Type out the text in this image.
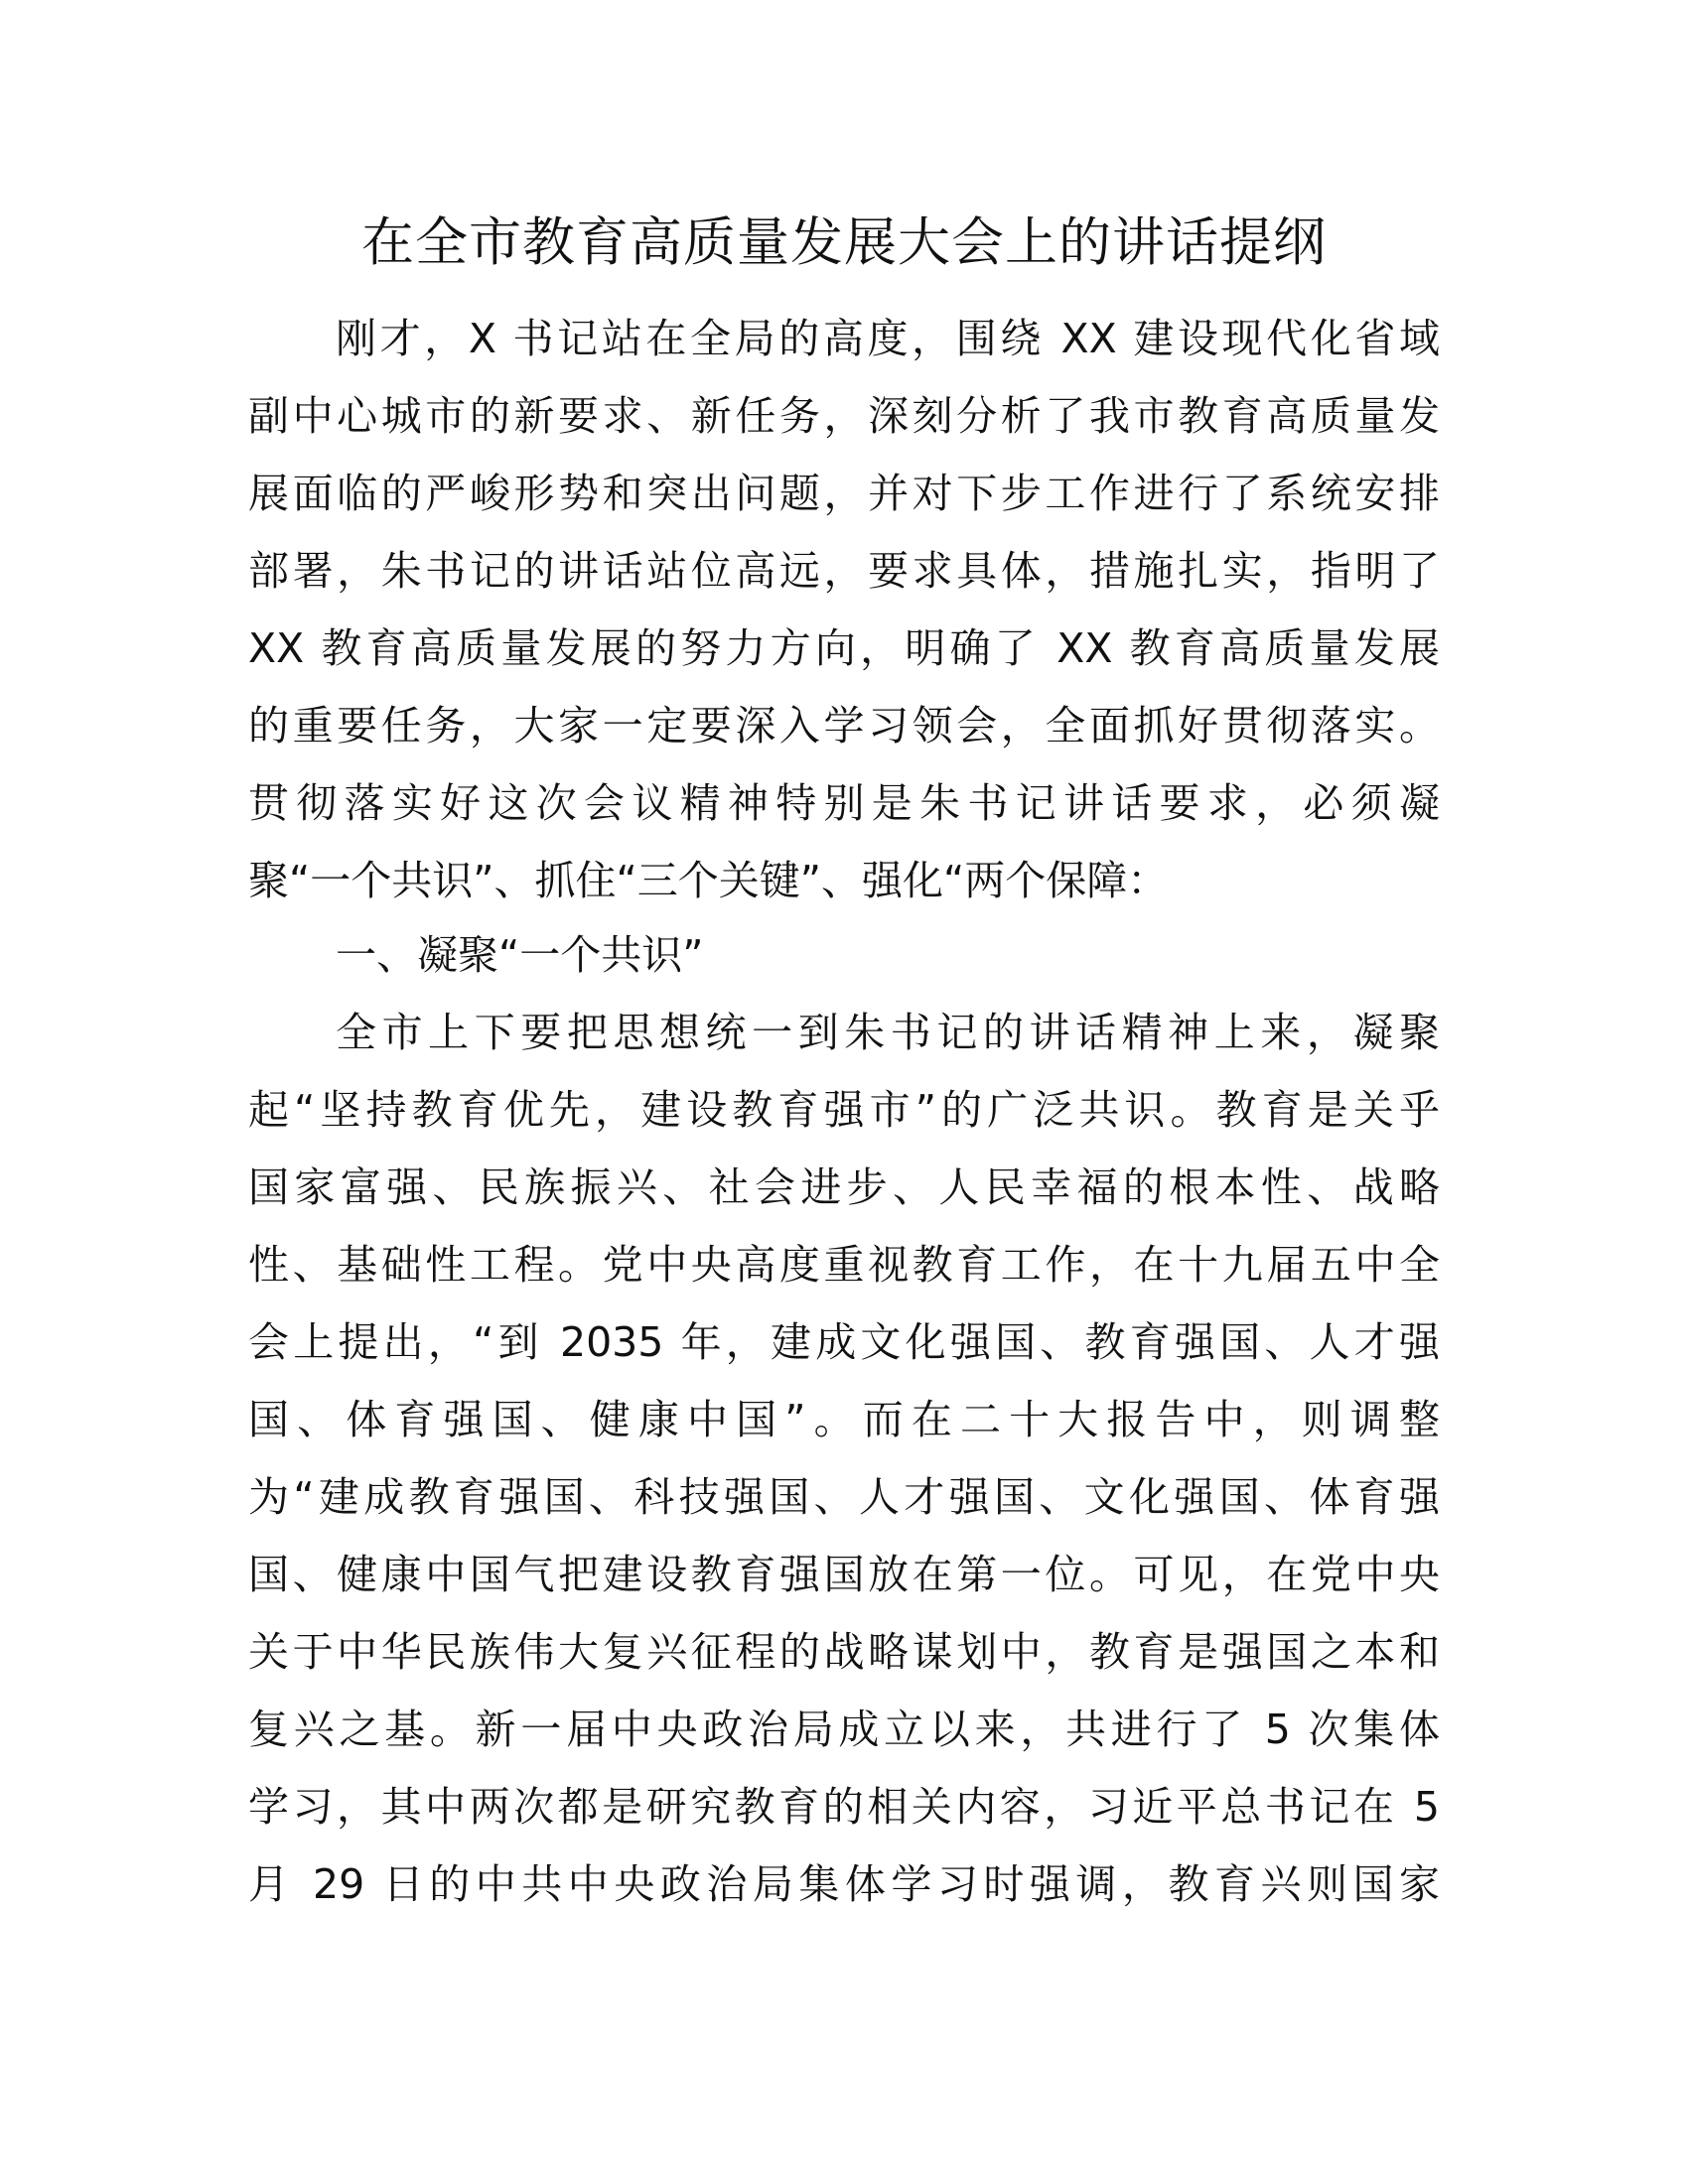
在全市教育高质量发展大会上的讲话提纲
刚才，X 书记站在全局的高度，围绕 XX 建设现代化省域
副中心城市的新要求、新任务，深刻分析了我市教育高质量发
展面临的严峻形势和突出问题，并对下步工作进行了系统安排
部署，朱书记的讲话站位高远，要求具体，措施扎实，指明了
XX 教育高质量发展的努力方向，明确了 XX 教育高质量发展
的重要任务，大家一定要深入学习领会，全面抓好贯彻落实。
贯彻落实好这次会议精神特别是朱书记讲话要求，必须凝
聚“一个共识”、抓住“三个关键”、强化“两个保障：
一、凝聚“一个共识”
全市上下要把思想统一到朱书记的讲话精神上来，凝聚
起“坚持教育优先，建设教育强市”的广泛共识。教育是关乎
国家富强、民族振兴、社会进步、人民幸福的根本性、战略
性、基础性工程。党中央高度重视教育工作，在十九届五中全
会上提出，“到 2035 年，建成文化强国、教育强国、人才强
国、体育强国、健康中国”。而在二十大报告中，则调整
为“建成教育强国、科技强国、人才强国、文化强国、体育强
国、健康中国气把建设教育强国放在第一位。可见，在党中央
关于中华民族伟大复兴征程的战略谋划中，教育是强国之本和
复兴之基。新一届中央政治局成立以来，共进行了 5 次集体
学习，其中两次都是研究教育的相关内容，习近平总书记在 5
月 29 日的中共中央政治局集体学习时强调，教育兴则国家
